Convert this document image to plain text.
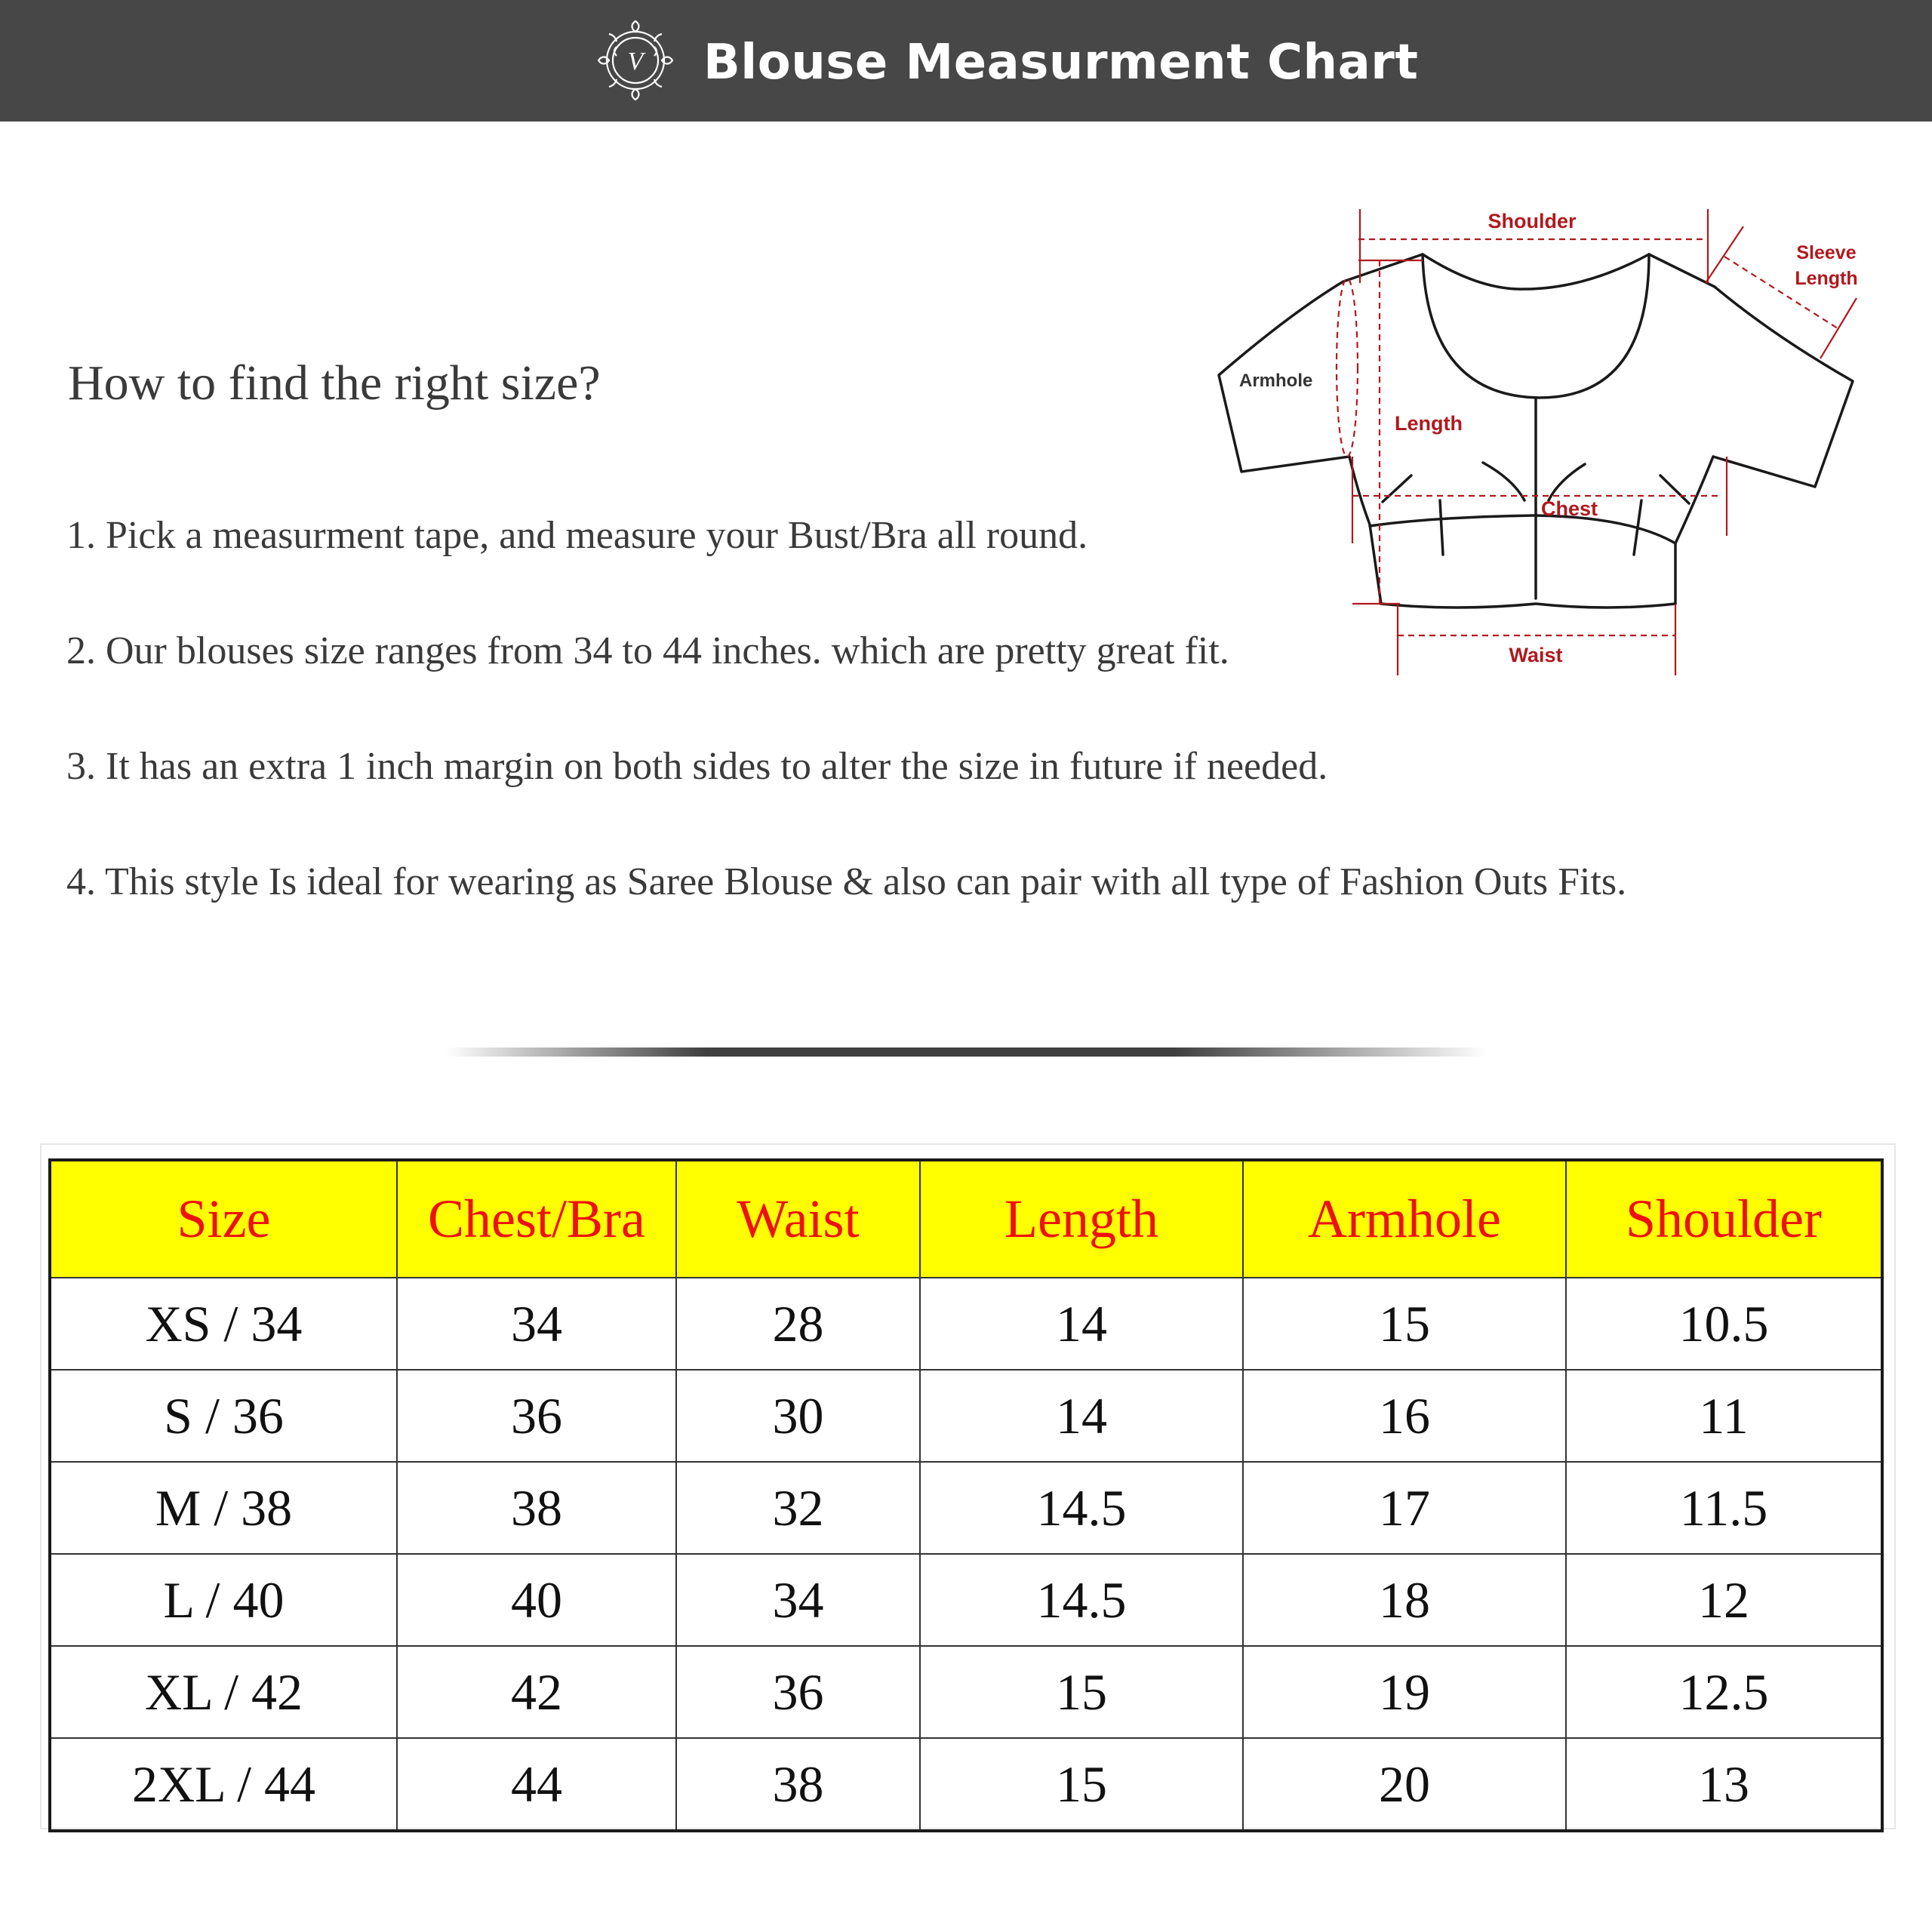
V Blouse Measurment Chart
How to find the right size?
1. Pick a measurment tape, and measure your Bust/Bra all round.
2. Our blouses size ranges from 34 to 44 inches. which are pretty great fit.
3. It has an extra 1 inch margin on both sides to alter the size in future if needed.
4. This style Is ideal for wearing as Saree Blouse & also can pair with all type of Fashion Outs Fits.
Shoulder
Sleeve
Length
Armhole
Length
Chest
Waist
Size	Chest/Bra	Waist	Length	Armhole	Shoulder
XS / 34	34	28	14	15	10.5
S / 36	36	30	14	16	11
M / 38	38	32	14.5	17	11.5
L / 40	40	34	14.5	18	12
XL / 42	42	36	15	19	12.5
2XL / 44	44	38	15	20	13
